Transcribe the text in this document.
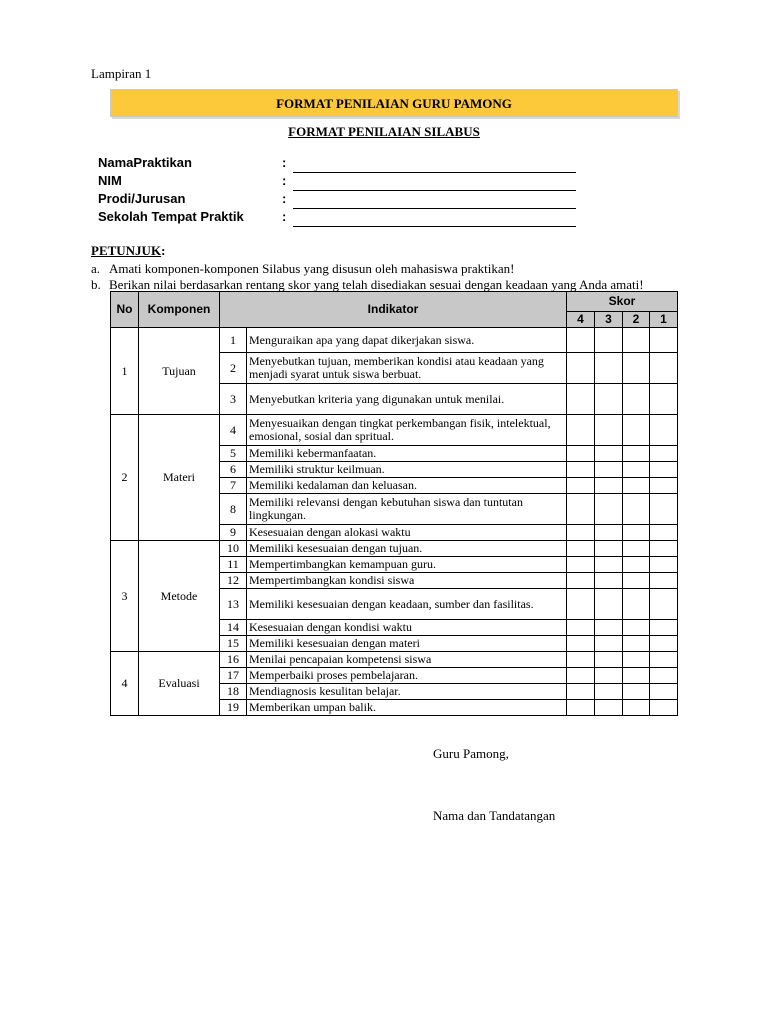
Lampiran 1
FORMAT PENILAIAN GURU PAMONG
FORMAT PENILAIAN SILABUS
NamaPraktikan	:
NIM	:
Prodi/Jurusan	:
Sekolah Tempat Praktik	:
PETUNJUK:
a. Amati komponen-komponen Silabus yang disusun oleh mahasiswa praktikan!
b. Berikan nilai berdasarkan rentang skor yang telah disediakan sesuai dengan keadaan yang Anda amati!
No	Komponen	Indikator		Skor			
				4	3	2	1
1	Tujuan	1	Menguraikan apa yang dapat dikerjakan siswa.				
		2	Menyebutkan tujuan, memberikan kondisi atau keadaan yang menjadi syarat untuk siswa berbuat.				
		3	Menyebutkan kriteria yang digunakan untuk menilai.				
2	Materi	4	Menyesuaikan dengan tingkat perkembangan fisik, intelektual, emosional, sosial dan spritual.				
		5	Memiliki kebermanfaatan.				
		6	Memiliki struktur keilmuan.				
		7	Memiliki kedalaman dan keluasan.				
		8	Memiliki relevansi dengan kebutuhan siswa dan tuntutan lingkungan.				
		9	Kesesuaian dengan alokasi waktu				
3	Metode	10	Memiliki kesesuaian dengan tujuan.				
		11	Mempertimbangkan kemampuan guru.				
		12	Mempertimbangkan kondisi siswa				
		13	Memiliki kesesuaian dengan keadaan, sumber dan fasilitas.				
		14	Kesesuaian dengan kondisi waktu				
		15	Memiliki kesesuaian dengan materi				
4	Evaluasi	16	Menilai pencapaian kompetensi siswa				
		17	Memperbaiki proses pembelajaran.				
		18	Mendiagnosis kesulitan belajar.				
		19	Memberikan umpan balik.				
Guru Pamong,
Nama dan Tandatangan
